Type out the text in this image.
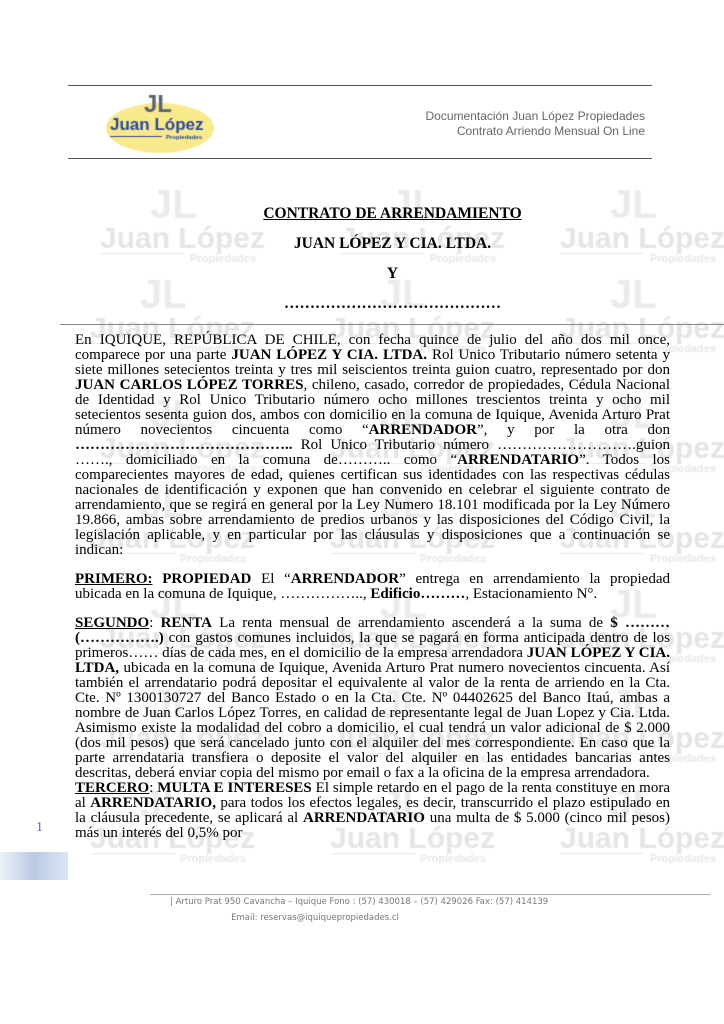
Documentación Juan López Propiedades
Contrato Arriendo Mensual On Line
CONTRATO DE ARRENDAMIENTO
JUAN LÓPEZ Y CIA. LTDA.
Y
……………………………………

En IQUIQUE, REPÚBLICA DE CHILE, con fecha quince de julio del año dos mil once, comparece por una parte JUAN LÓPEZ Y CIA. LTDA. Rol Unico Tributario número setenta y siete millones setecientos treinta y tres mil seiscientos treinta guion cuatro, representado por don JUAN CARLOS LÓPEZ TORRES, chileno, casado, corredor de propiedades, Cédula Nacional de Identidad y Rol Unico Tributario número ocho millones trescientos treinta y ocho mil setecientos sesenta guion dos, ambos con domicilio en la comuna de Iquique, Avenida Arturo Prat número novecientos cincuenta como “ARRENDADOR”, y por la otra don …………………………………….. Rol Unico Tributario número ……………………….guion ……., domiciliado en la comuna de……….. como “ARRENDATARIO”. Todos los comparecientes mayores de edad, quienes certifican sus identidades con las respectivas cédulas nacionales de identificación y exponen que han convenido en celebrar el siguiente contrato de arrendamiento, que se regirá en general por la Ley Numero 18.101 modificada por la Ley Número 19.866, ambas sobre arrendamiento de predios urbanos y las disposiciones del Código Civil, la legislación aplicable, y en particular por las cláusulas y disposiciones que a continuación se indican:

PRIMERO: PROPIEDAD El “ARRENDADOR” entrega en arrendamiento la propiedad ubicada en la comuna de Iquique, …………….., Edificio………, Estacionamiento N°.

SEGUNDO: RENTA La renta mensual de arrendamiento ascenderá a la suma de $ ………(…………….) con gastos comunes incluidos, la que se pagará en forma anticipada dentro de los primeros…… días de cada mes, en el domicilio de la empresa arrendadora JUAN LÓPEZ Y CIA. LTDA, ubicada en la comuna de Iquique, Avenida Arturo Prat numero novecientos cincuenta. Así también el arrendatario podrá depositar el equivalente al valor de la renta de arriendo en la Cta. Cte. Nº 1300130727 del Banco Estado o en la Cta. Cte. Nº 04402625 del Banco Itaú, ambas a nombre de Juan Carlos López Torres, en calidad de representante legal de Juan Lopez y Cia. Ltda. Asimismo existe la modalidad del cobro a domicilio, el cual tendrá un valor adicional de $ 2.000 (dos mil pesos) que será cancelado junto con el alquiler del mes correspondiente. En caso que la parte arrendataria transfiera o deposite el valor del alquiler en las entidades bancarias antes descritas, deberá enviar copia del mismo por email o fax a la oficina de la empresa arrendadora.

TERCERO: MULTA E INTERESES El simple retardo en el pago de la renta constituye en mora al ARRENDATARIO, para todos los efectos legales, es decir, transcurrido el plazo estipulado en la cláusula precedente, se aplicará al ARRENDATARIO una multa de $ 5.000 (cinco mil pesos) más un interés del 0,5% por

1
| Arturo Prat 950 Cavancha – Iquique Fono : (57) 430018 – (57) 429026 Fax: (57) 414139
Email: reservas@iquiquepropiedades.cl
